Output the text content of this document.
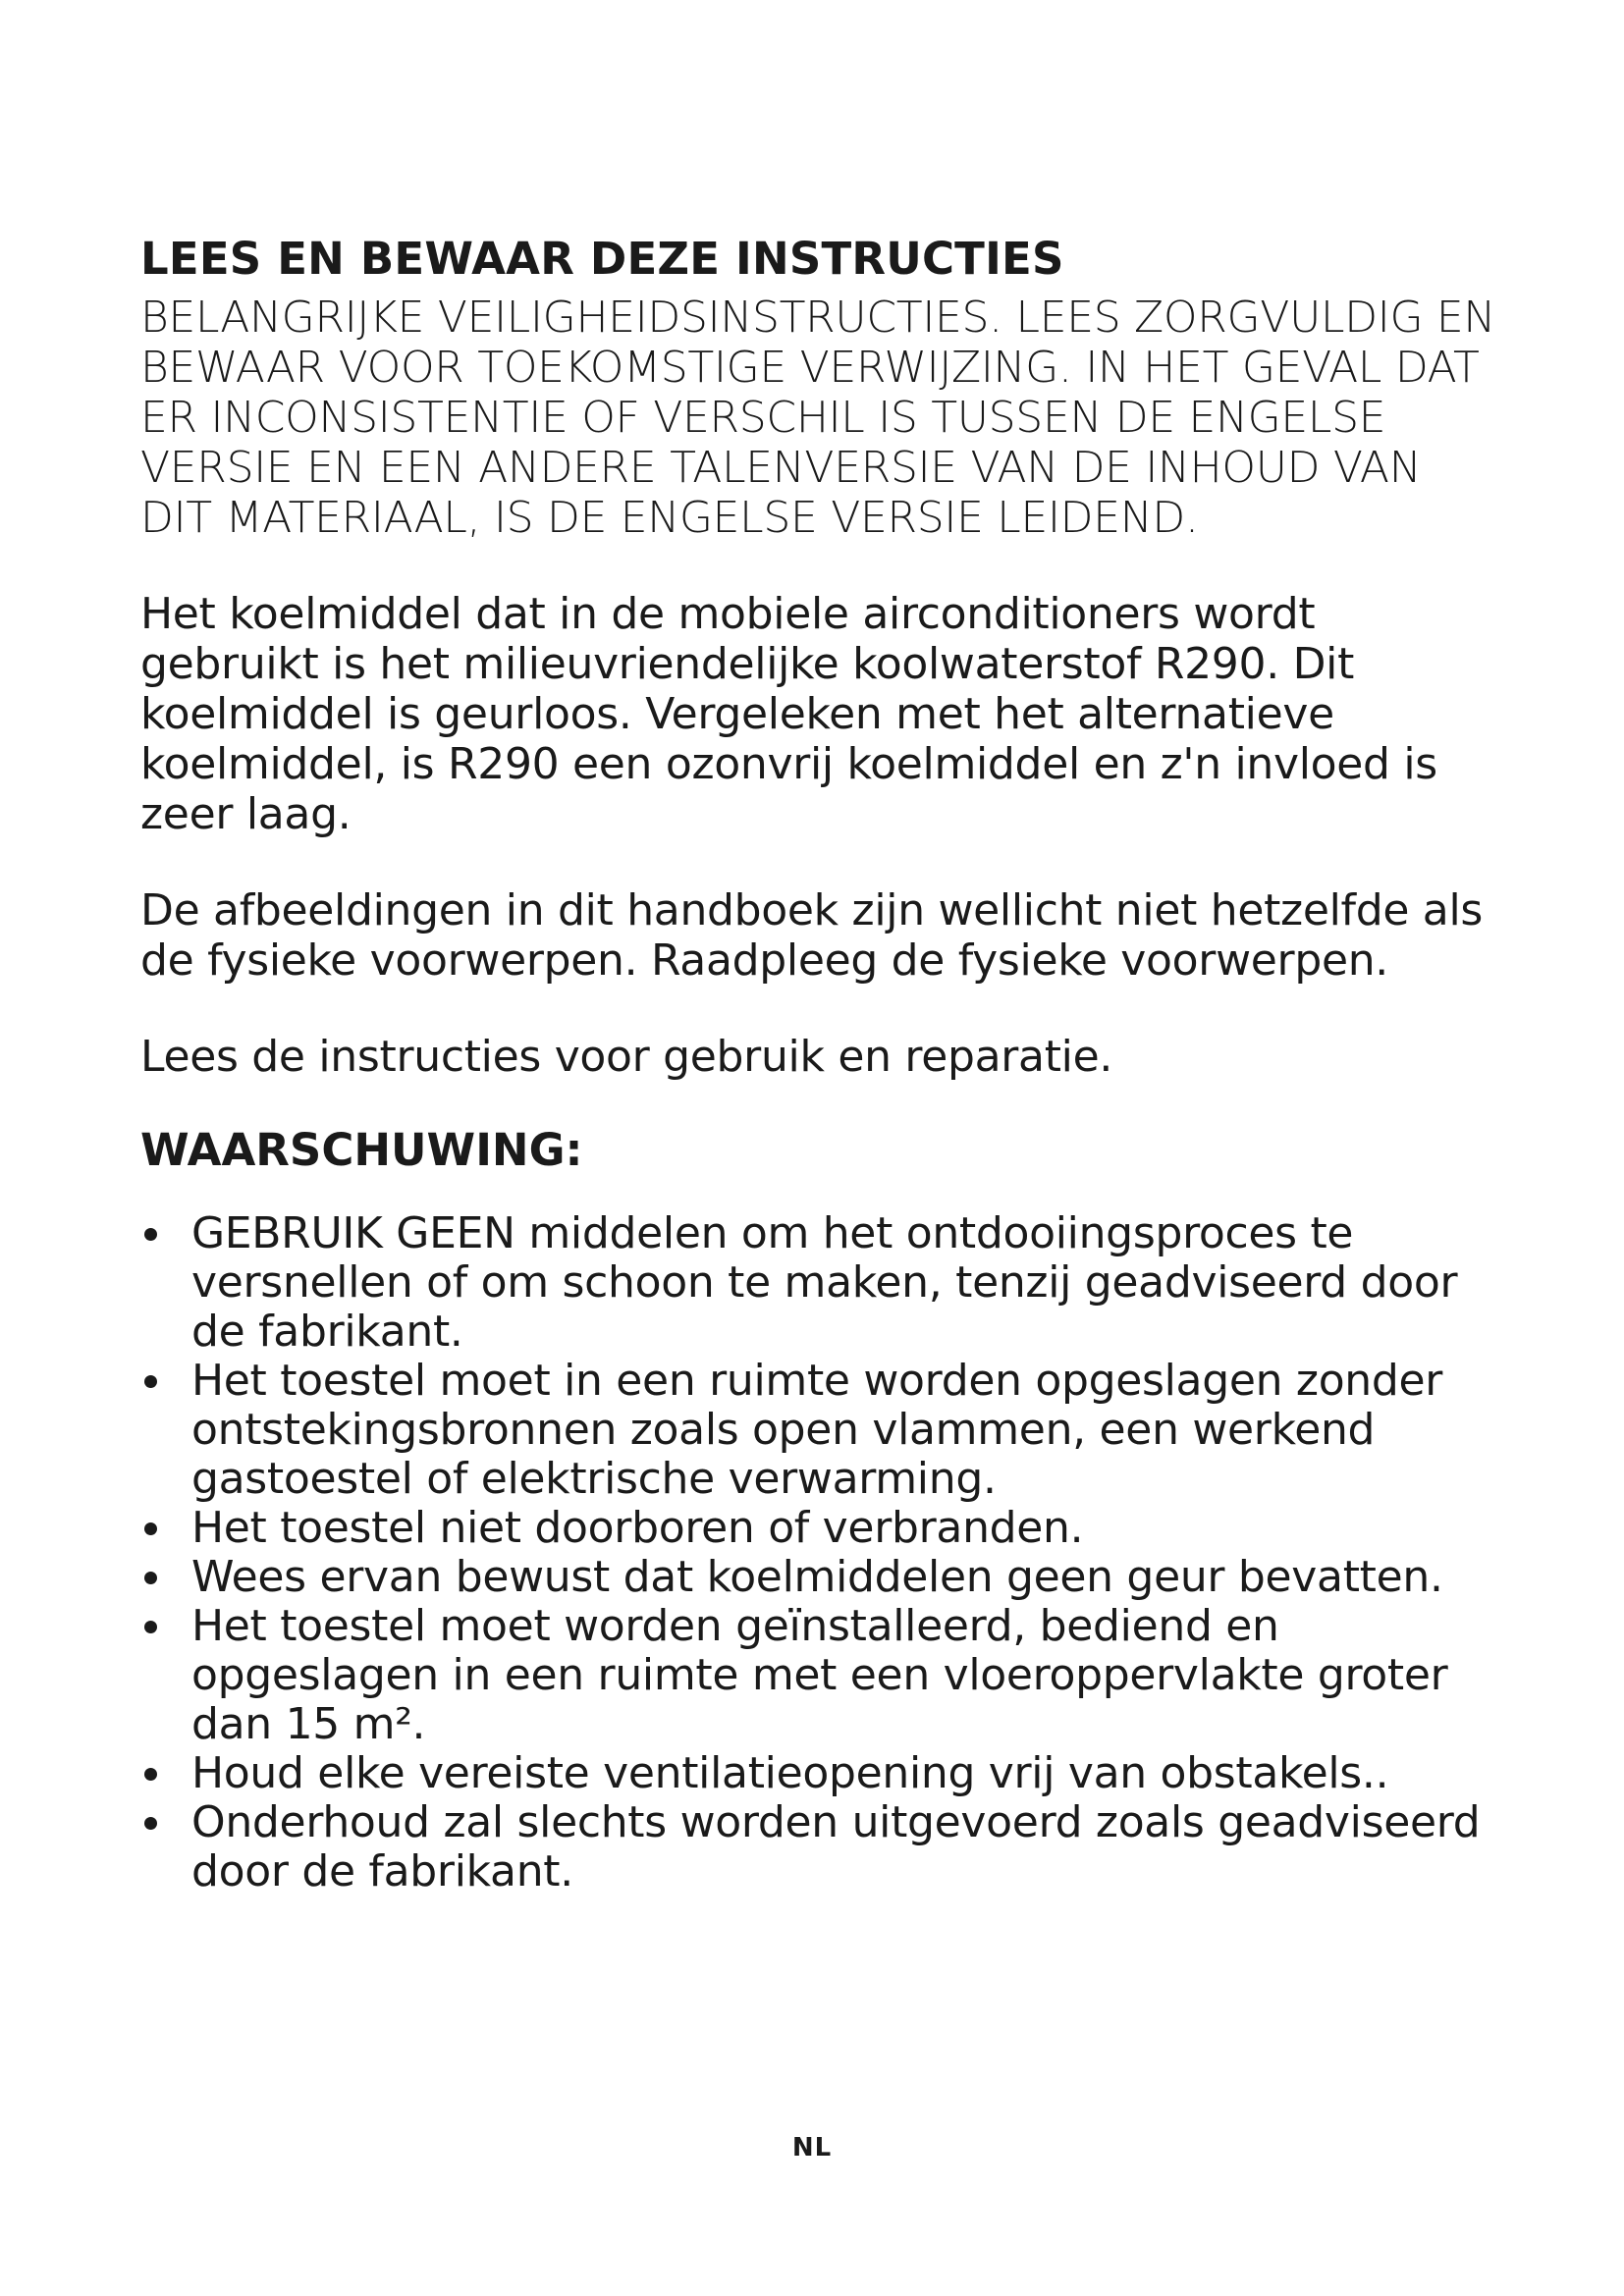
LEES EN BEWAAR DEZE INSTRUCTIES

BELANGRIJKE VEILIGHEIDSINSTRUCTIES. LEES ZORGVULDIG EN BEWAAR VOOR TOEKOMSTIGE VERWIJZING. IN HET GEVAL DAT ER INCONSISTENTIE OF VERSCHIL IS TUSSEN DE ENGELSE VERSIE EN EEN ANDERE TALENVERSIE VAN DE INHOUD VAN DIT MATERIAAL, IS DE ENGELSE VERSIE LEIDEND.

Het koelmiddel dat in de mobiele airconditioners wordt gebruikt is het milieuvriendelijke koolwaterstof R290. Dit koelmiddel is geurloos. Vergeleken met het alternatieve koelmiddel, is R290 een ozonvrij koelmiddel en z'n invloed is zeer laag.

De afbeeldingen in dit handboek zijn wellicht niet hetzelfde als de fysieke voorwerpen. Raadpleeg de fysieke voorwerpen.

Lees de instructies voor gebruik en reparatie.

WAARSCHUWING:
GEBRUIK GEEN middelen om het ontdooiingsproces te versnellen of om schoon te maken, tenzij geadviseerd door de fabrikant.
Het toestel moet in een ruimte worden opgeslagen zonder ontstekingsbronnen zoals open vlammen, een werkend gastoestel of elektrische verwarming.
Het toestel niet doorboren of verbranden.
Wees ervan bewust dat koelmiddelen geen geur bevatten.
Het toestel moet worden geïnstalleerd, bediend en opgeslagen in een ruimte met een vloeroppervlakte groter dan 15 m².
Houd elke vereiste ventilatieopening vrij van obstakels..
Onderhoud zal slechts worden uitgevoerd zoals geadviseerd door de fabrikant.
NL
